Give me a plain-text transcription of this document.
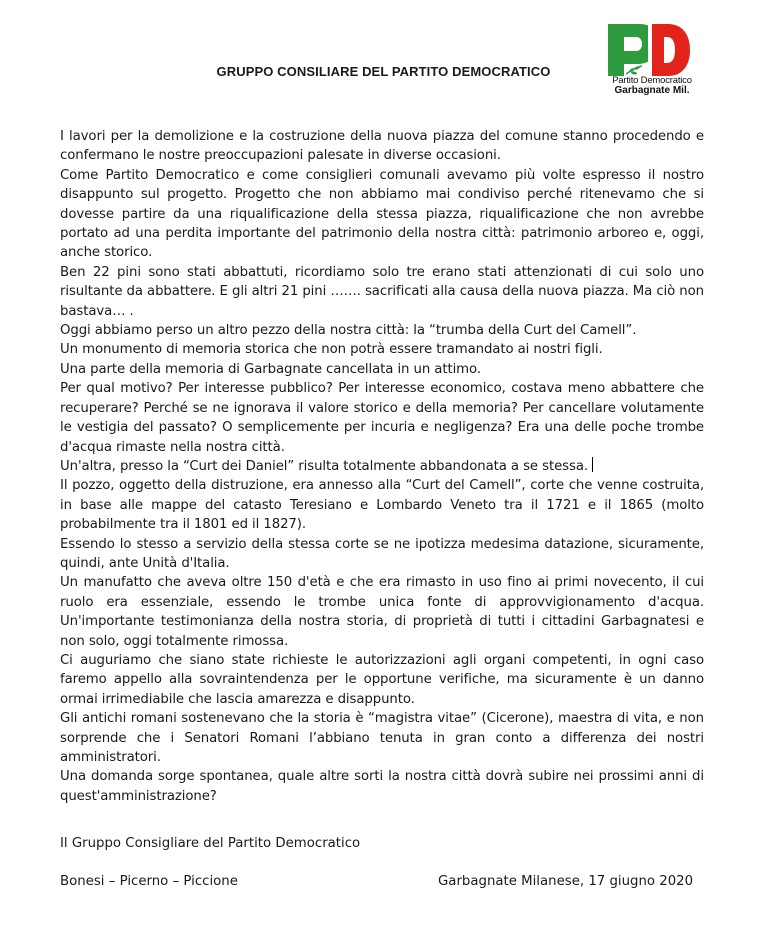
GRUPPO CONSILIARE DEL PARTITO DEMOCRATICO
Partito Democratico
Garbagnate Mil.

I lavori per la demolizione e la costruzione della nuova piazza del comune stanno procedendo e confermano le nostre preoccupazioni palesate in diverse occasioni.

Come Partito Democratico e come consiglieri comunali avevamo più volte espresso il nostro disappunto sul progetto. Progetto che non abbiamo mai condiviso perché ritenevamo che si dovesse partire da una riqualificazione della stessa piazza, riqualificazione che non avrebbe portato ad una perdita importante del patrimonio della nostra città: patrimonio arboreo e, oggi, anche storico.

Ben 22 pini sono stati abbattuti, ricordiamo solo tre erano stati attenzionati di cui solo uno risultante da abbattere. E gli altri 21 pini ……. sacrificati alla causa della nuova piazza. Ma ciò non bastava… .

Oggi abbiamo perso un altro pezzo della nostra città: la “trumba della Curt del Camell”.

Un monumento di memoria storica che non potrà essere tramandato ai nostri figli.

Una parte della memoria di Garbagnate cancellata in un attimo.

Per qual motivo? Per interesse pubblico? Per interesse economico, costava meno abbattere che recuperare? Perché se ne ignorava il valore storico e della memoria? Per cancellare volutamente le vestigia del passato? O semplicemente per incuria e negligenza? Era una delle poche trombe d'acqua rimaste nella nostra città.

Un'altra, presso la “Curt dei Daniel” risulta totalmente abbandonata a se stessa.

Il pozzo, oggetto della distruzione, era annesso alla “Curt del Camell”, corte che venne costruita, in base alle mappe del catasto Teresiano e Lombardo Veneto tra il 1721 e il 1865 (molto probabilmente tra il 1801 ed il 1827).

Essendo lo stesso a servizio della stessa corte se ne ipotizza medesima datazione, sicuramente, quindi, ante Unità d'Italia.

Un manufatto che aveva oltre 150 d'età e che era rimasto in uso fino ai primi novecento, il cui ruolo era essenziale, essendo le trombe unica fonte di approvvigionamento d'acqua. Un'importante testimonianza della nostra storia, di proprietà di tutti i cittadini Garbagnatesi e non solo, oggi totalmente rimossa.

Ci auguriamo che siano state richieste le autorizzazioni agli organi competenti, in ogni caso faremo appello alla sovraintendenza per le opportune verifiche, ma sicuramente è un danno ormai irrimediabile che lascia amarezza e disappunto.

Gli antichi romani sostenevano che la storia è “magistra vitae” (Cicerone), maestra di vita, e non sorprende che i Senatori Romani l’abbiano tenuta in gran conto a differenza dei nostri amministratori.

Una domanda sorge spontanea, quale altre sorti la nostra città dovrà subire nei prossimi anni di quest'amministrazione?

Il Gruppo Consigliare del Partito Democratico
Bonesi – Picerno – Piccione	Garbagnate Milanese, 17 giugno 2020
